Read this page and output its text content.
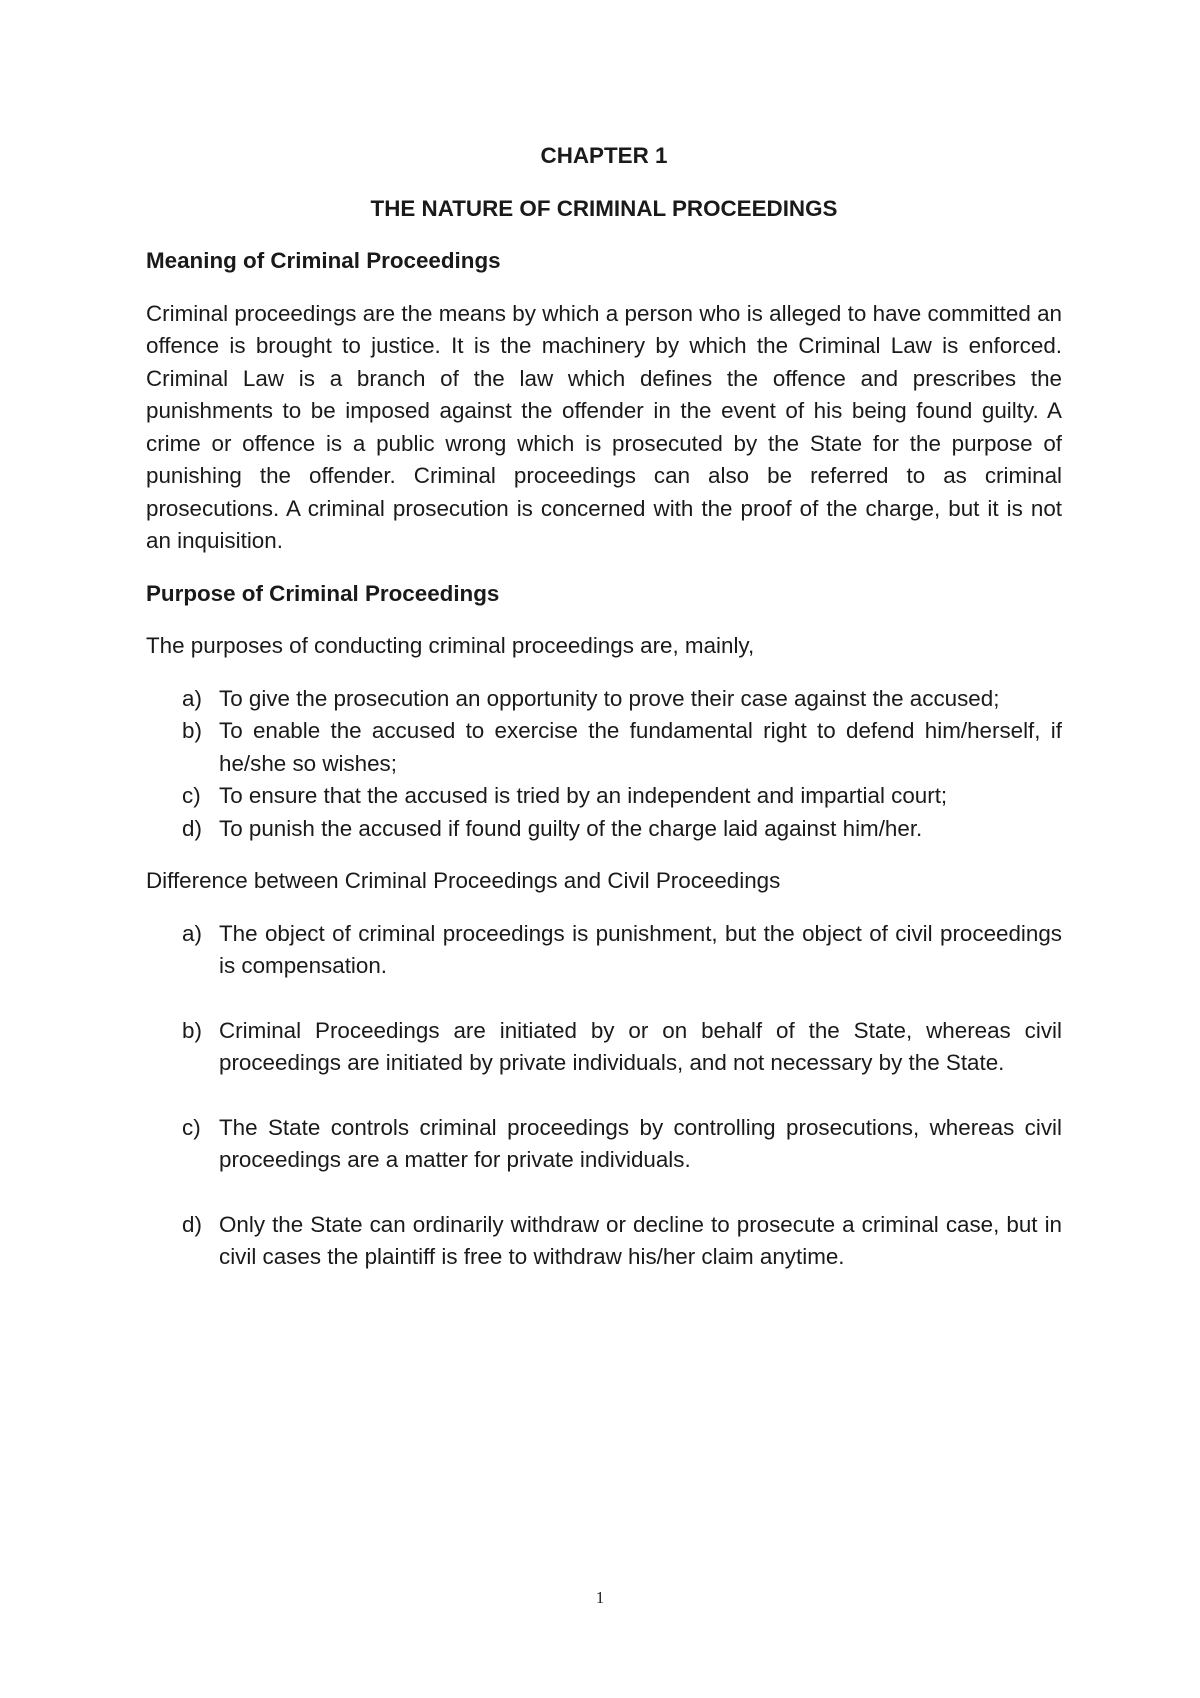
CHAPTER 1

THE NATURE OF CRIMINAL PROCEEDINGS

Meaning of Criminal Proceedings

Criminal proceedings are the means by which a person who is alleged to have committed an offence is brought to justice. It is the machinery by which the Criminal Law is enforced. Criminal Law is a branch of the law which defines the offence and prescribes the punishments to be imposed against the offender in the event of his being found guilty. A crime or offence is a public wrong which is prosecuted by the State for the purpose of punishing the offender. Criminal proceedings can also be referred to as criminal prosecutions. A criminal prosecution is concerned with the proof of the charge, but it is not an inquisition.

Purpose of Criminal Proceedings

The purposes of conducting criminal proceedings are, mainly,

a) To give the prosecution an opportunity to prove their case against the accused;
b) To enable the accused to exercise the fundamental right to defend him/herself, if he/she so wishes;
c) To ensure that the accused is tried by an independent and impartial court;
d) To punish the accused if found guilty of the charge laid against him/her.

Difference between Criminal Proceedings and Civil Proceedings

a) The object of criminal proceedings is punishment, but the object of civil proceedings is compensation.
b) Criminal Proceedings are initiated by or on behalf of the State, whereas civil proceedings are initiated by private individuals, and not necessary by the State.
c) The State controls criminal proceedings by controlling prosecutions, whereas civil proceedings are a matter for private individuals.
d) Only the State can ordinarily withdraw or decline to prosecute a criminal case, but in civil cases the plaintiff is free to withdraw his/her claim anytime.
1
